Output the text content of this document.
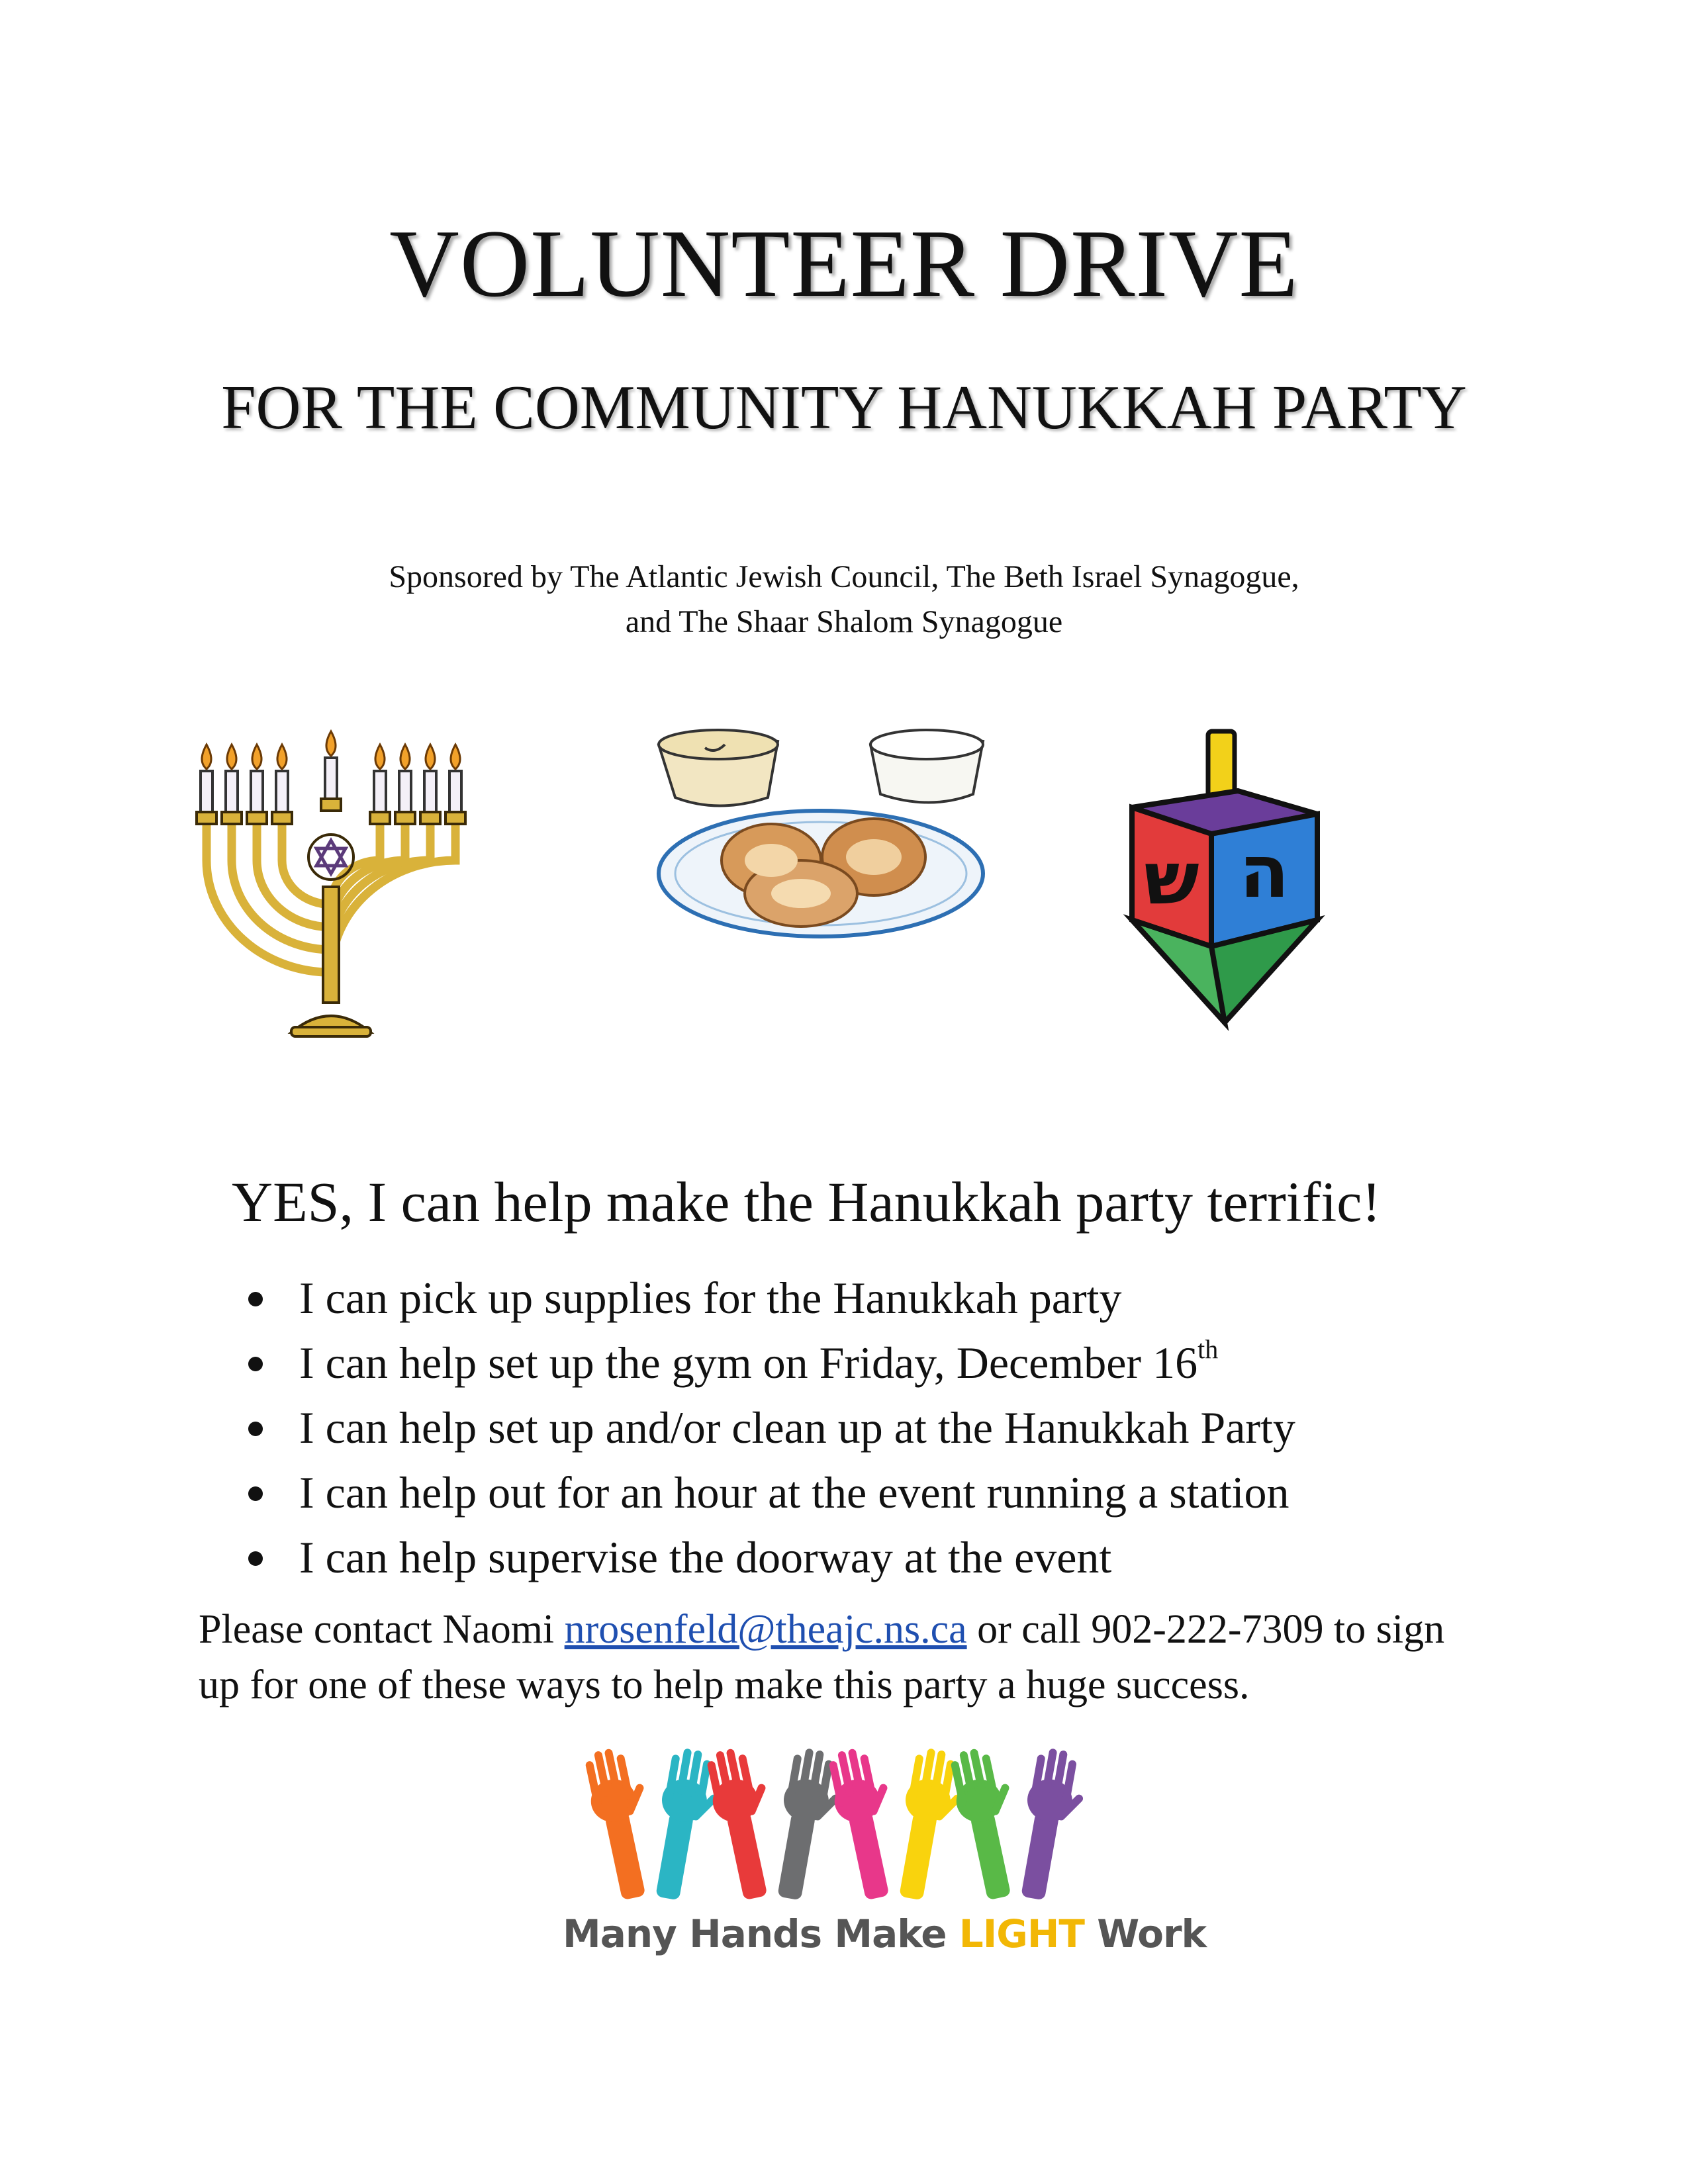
VOLUNTEER DRIVE
FOR THE COMMUNITY HANUKKAH PARTY
Sponsored by The Atlantic Jewish Council, The Beth Israel Synagogue,
and The Shaar Shalom Synagogue
ש ה
YES, I can help make the Hanukkah party terrific!
I can pick up supplies for the Hanukkah party
I can help set up the gym on Friday, December 16th
I can help set up and/or clean up at the Hanukkah Party
I can help out for an hour at the event running a station
I can help supervise the doorway at the event
Please contact Naomi nrosenfeld@theajc.ns.ca or call 902-222-7309 to sign up for one of these ways to help make this party a huge success.
Many Hands Make LIGHT Work
